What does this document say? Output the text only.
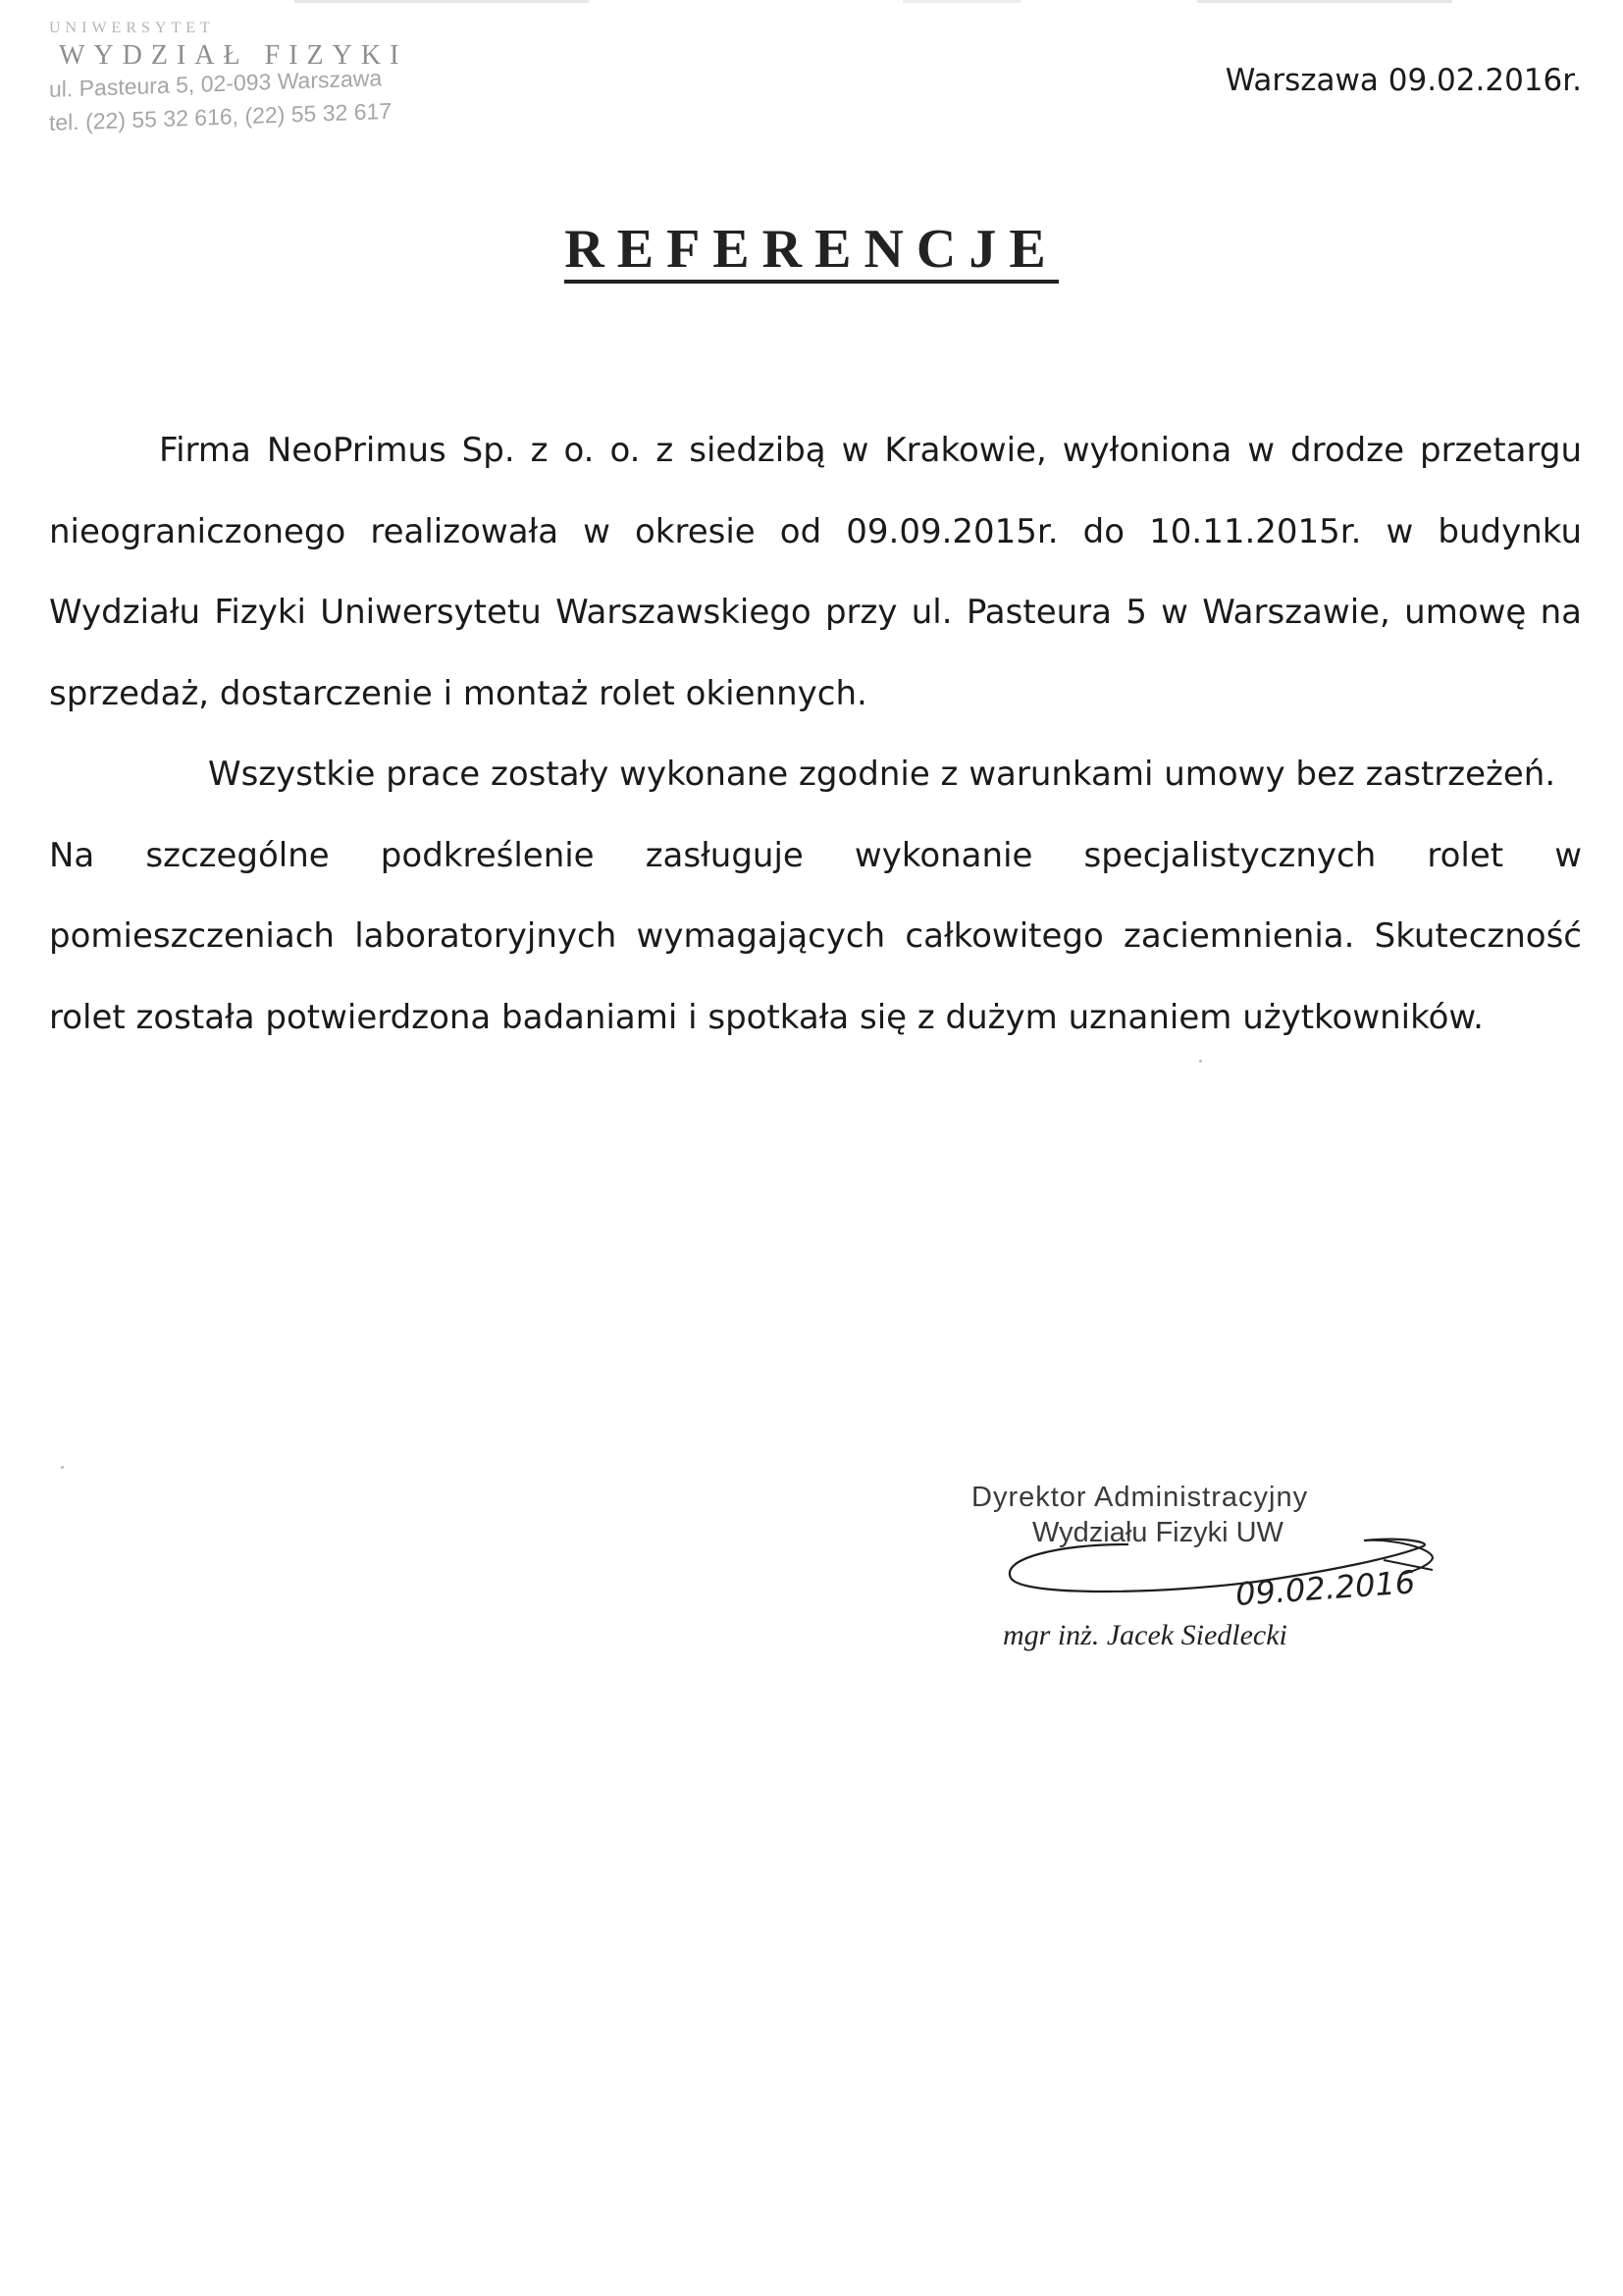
UNIWERSYTET
WYDZIAŁ FIZYKI
ul. Pasteura 5, 02-093 Warszawa
tel. (22) 55 32 616, (22) 55 32 617
Warszawa 09.02.2016r.
REFERENCJE

Firma NeoPrimus Sp. z o. o. z siedzibą w Krakowie, wyłoniona w drodze przetargu nieograniczonego realizowała w okresie od 09.09.2015r. do 10.11.2015r. w budynku Wydziału Fizyki Uniwersytetu Warszawskiego przy ul. Pasteura 5 w Warszawie, umowę na sprzedaż, dostarczenie i montaż rolet okiennych.

Wszystkie prace zostały wykonane zgodnie z warunkami umowy bez zastrzeżeń.

Na szczególne podkreślenie zasługuje wykonanie specjalistycznych rolet w pomieszczeniach laboratoryjnych wymagających całkowitego zaciemnienia. Skuteczność rolet została potwierdzona badaniami i spotkała się z dużym uznaniem użytkowników.

Dyrektor Administracyjny
Wydziału Fizyki UW
09.02.2016
mgr inż. Jacek Siedlecki
